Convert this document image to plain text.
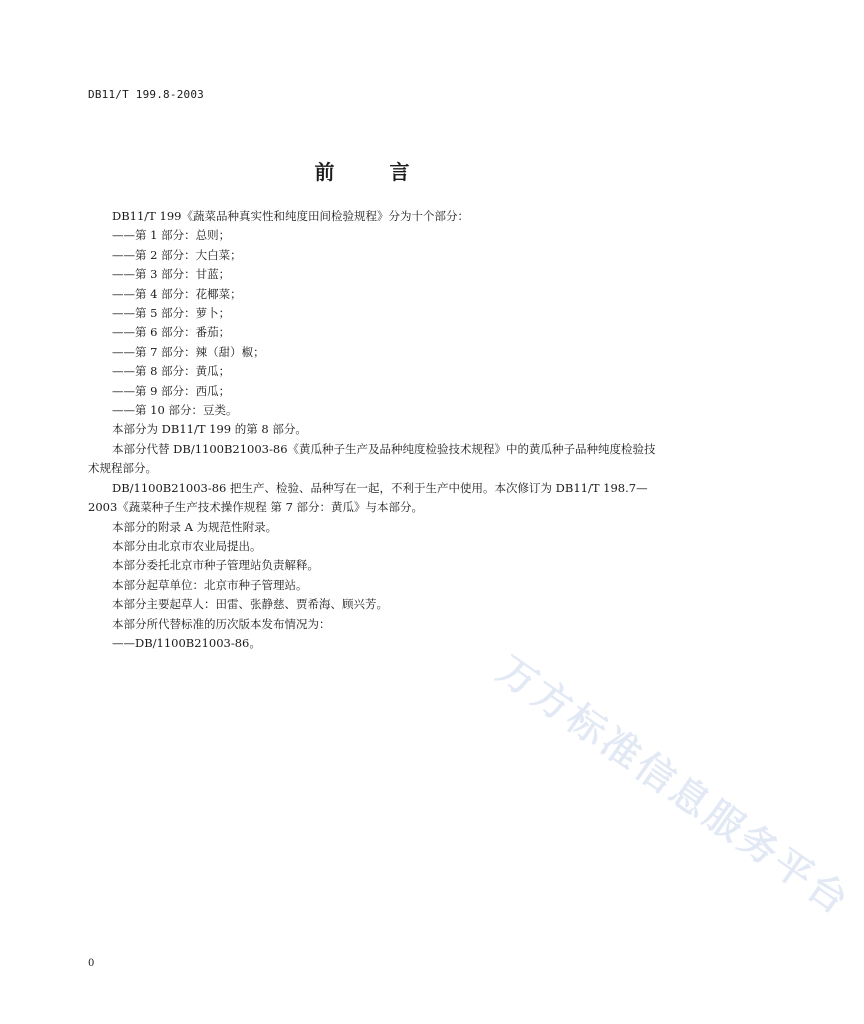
DB11/T 199.8-2003
前 言
DB11/T 199《蔬菜品种真实性和纯度田间检验规程》分为十个部分：
——第 1 部分：总则；
——第 2 部分：大白菜；
——第 3 部分：甘蓝；
——第 4 部分：花椰菜；
——第 5 部分：萝卜；
——第 6 部分：番茄；
——第 7 部分：辣（甜）椒；
——第 8 部分：黄瓜；
——第 9 部分：西瓜；
——第 10 部分：豆类。
本部分为 DB11/T 199 的第 8 部分。
本部分代替 DB/1100B21003-86《黄瓜种子生产及品种纯度检验技术规程》中的黄瓜种子品种纯度检验技术规程部分。
DB/1100B21003-86 把生产、检验、品种写在一起，不利于生产中使用。本次修订为 DB11/T 198.7—2003《蔬菜种子生产技术操作规程 第 7 部分：黄瓜》与本部分。
本部分的附录 A 为规范性附录。
本部分由北京市农业局提出。
本部分委托北京市种子管理站负责解释。
本部分起草单位：北京市种子管理站。
本部分主要起草人：田雷、张静慈、贾希海、顾兴芳。
本部分所代替标准的历次版本发布情况为：
——DB/1100B21003-86。
万方标准信息服务平台
0
